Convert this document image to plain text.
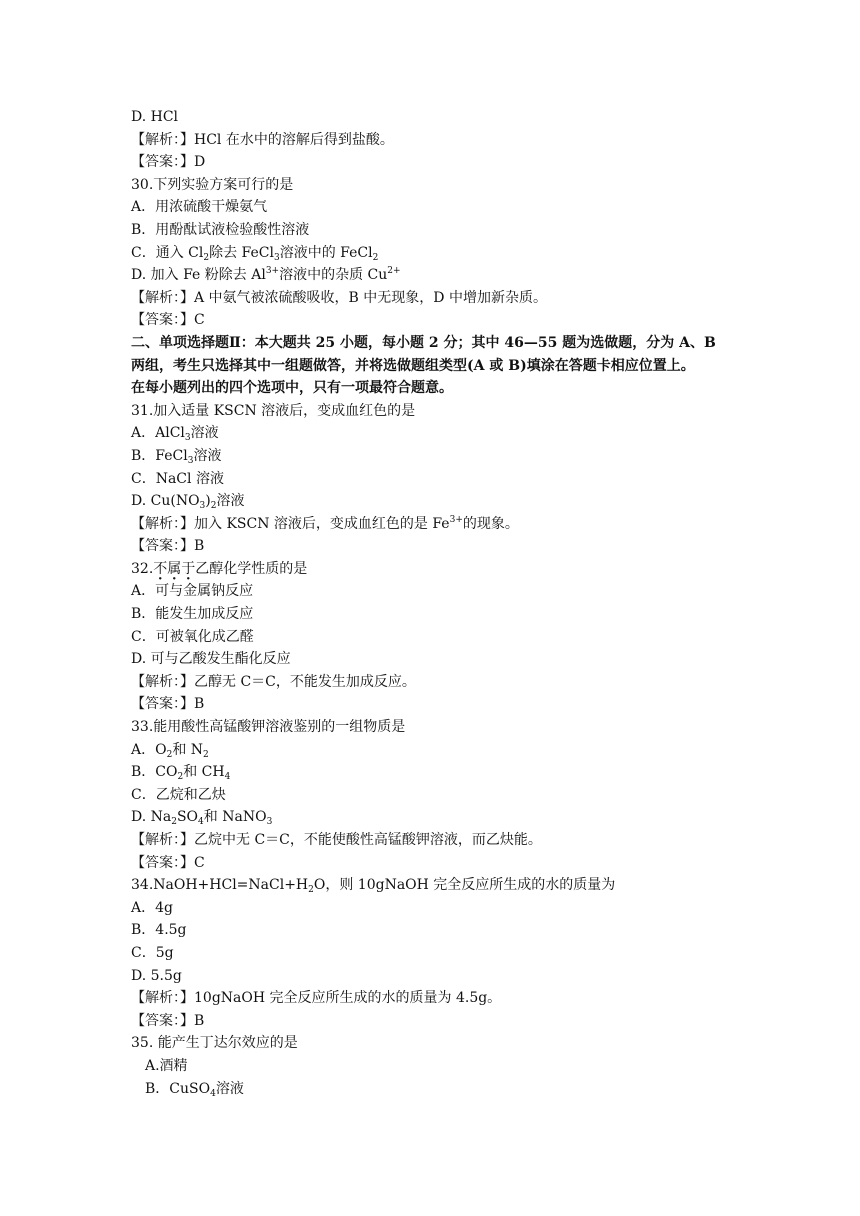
D. HCl
【解析：】HCl 在水中的溶解后得到盐酸。
【答案：】D
30.下列实验方案可行的是
A．用浓硫酸干燥氨气
B．用酚酞试液检验酸性溶液
C．通入 $Cl_2$除去 FeCl$_3$溶液中的 FeCl$_2$
D. 加入 Fe 粉除去 $Al^{3+}$溶液中的杂质 $Cu^{2+}$
【解析：】A 中氨气被浓硫酸吸收，B 中无现象，D 中增加新杂质。
【答案：】C
二、单项选择题Ⅱ：本大题共 25 小题，每小题 2 分；其中 46—55 题为选做题，分为 A、B
两组，考生只选择其中一组题做答，并将选做题组类型(A 或 B)填涂在答题卡相应位置上。
在每小题列出的四个选项中，只有一项最符合题意。
31.加入适量 KSCN 溶液后，变成血红色的是
A．AlCl$_3$溶液
B．FeCl$_3$溶液
C．NaCl 溶液
D. $Cu(NO_3)_2$溶液
【解析：】加入 KSCN 溶液后，变成血红色的是 $Fe^{3+}$的现象。
【答案：】B
32.不属于乙醇化学性质的是
A．可与金属钠反应
B．能发生加成反应
C．可被氧化成乙醛
D. 可与乙酸发生酯化反应
【解析：】乙醇无 C＝C，不能发生加成反应。
【答案：】B
33.能用酸性高锰酸钾溶液鉴别的一组物质是
A．$O_2$和 $N_2$
B．$CO_2$和 $CH_4$
C．乙烷和乙炔
D. $Na_2SO_4$和 NaNO$_3$
【解析：】乙烷中无 C＝C，不能使酸性高锰酸钾溶液，而乙炔能。
【答案：】C
$34.NaOH+HCl=NaCl+H_2O$，则 10gNaOH 完全反应所生成的水的质量为
A．4g
B．4.5g
C．5g
D. 5.5g
【解析：】10gNaOH 完全反应所生成的水的质量为 4.5g。
【答案：】B
35. 能产生丁达尔效应的是
A.酒精
B．CuSO$_4$溶液
